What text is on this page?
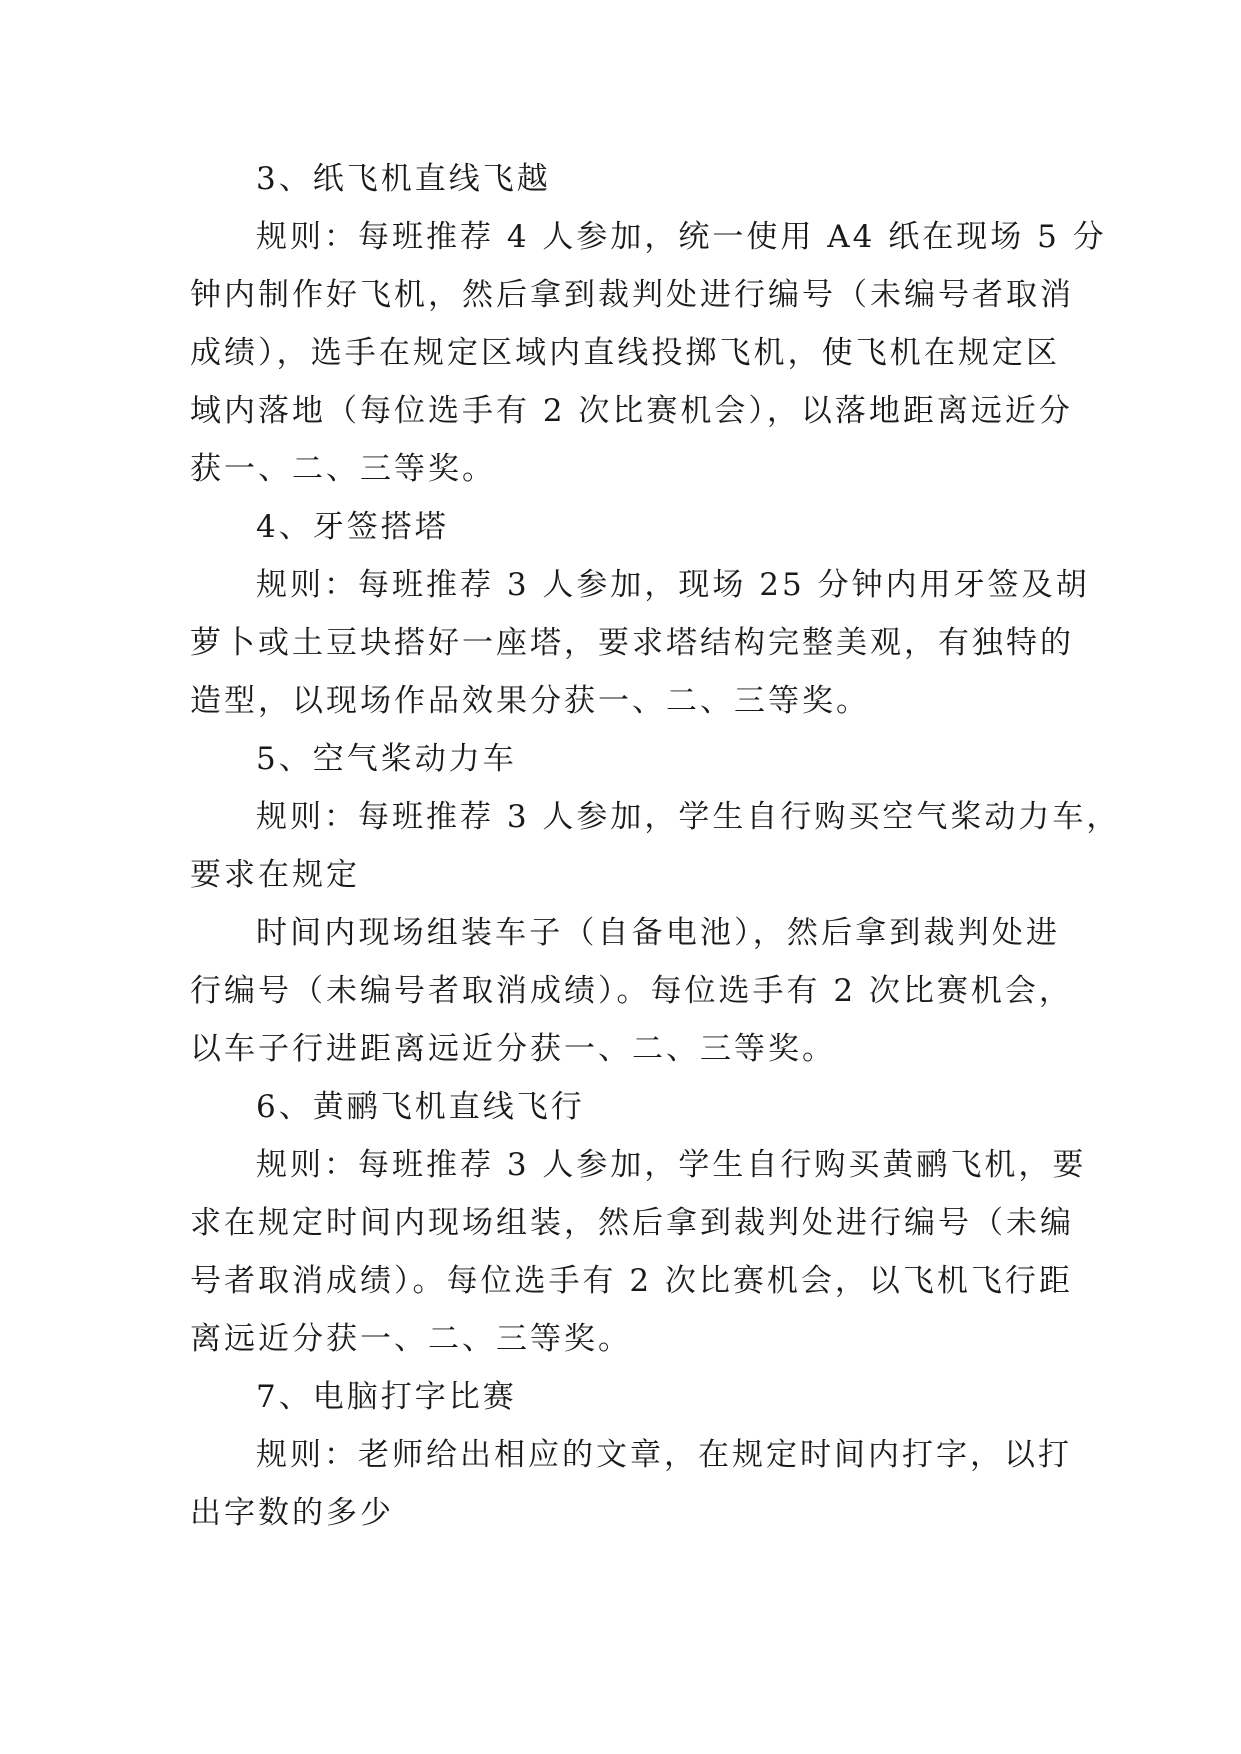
3、纸飞机直线飞越
规则：每班推荐 4 人参加，统一使用 A4 纸在现场 5 分
钟内制作好飞机，然后拿到裁判处进行编号（未编号者取消
成绩），选手在规定区域内直线投掷飞机，使飞机在规定区
域内落地（每位选手有 2 次比赛机会），以落地距离远近分
获一、二、三等奖。
4、牙签搭塔
规则：每班推荐 3 人参加，现场 25 分钟内用牙签及胡
萝卜或土豆块搭好一座塔，要求塔结构完整美观，有独特的
造型，以现场作品效果分获一、二、三等奖。
5、空气桨动力车
规则：每班推荐 3 人参加，学生自行购买空气桨动力车，
要求在规定
时间内现场组装车子（自备电池），然后拿到裁判处进
行编号（未编号者取消成绩）。每位选手有 2 次比赛机会，
以车子行进距离远近分获一、二、三等奖。
6、黄鹂飞机直线飞行
规则：每班推荐 3 人参加，学生自行购买黄鹂飞机，要
求在规定时间内现场组装，然后拿到裁判处进行编号（未编
号者取消成绩）。每位选手有 2 次比赛机会，以飞机飞行距
离远近分获一、二、三等奖。
7、电脑打字比赛
规则：老师给出相应的文章，在规定时间内打字，以打
出字数的多少
